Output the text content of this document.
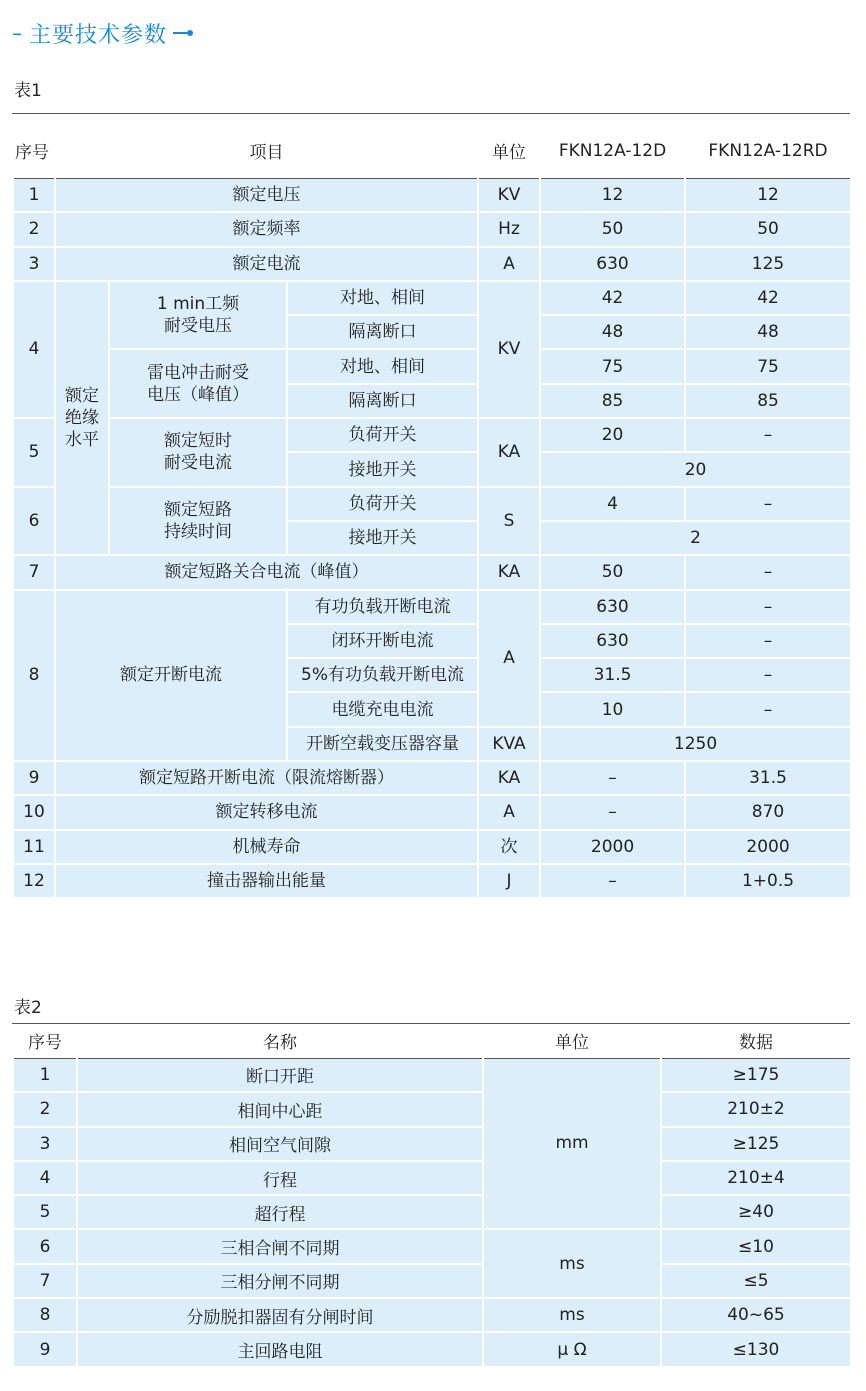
– 主要技术参数
表1
序号	项目			单位	FKN12A-12D	FKN12A-12RD
1	额定电压			KV	12	12
2	额定频率			Hz	50	50
3	额定电流			A	630	125
4	额定
绝缘
水平	1 min工频
耐受电压	对地、相间	KV	42	42
			隔离断口		48	48
		雷电冲击耐受
电压（峰值）	对地、相间		75	75
			隔离断口		85	85
5		额定短时
耐受电流	负荷开关	KA	20	–
			接地开关		20	
6		额定短路
持续时间	负荷开关	S	4	–
			接地开关		2	
7	额定短路关合电流（峰值）			KA	50	–
8	额定开断电流		有功负载开断电流	A	630	–
			闭环开断电流		630	–
			5%有功负载开断电流		31.5	–
			电缆充电电流		10	–
			开断空载变压器容量	KVA	1250	
9	额定短路开断电流（限流熔断器）			KA	–	31.5
10	额定转移电流			A	–	870
11	机械寿命			次	2000	2000
12	撞击器输出能量			J	–	1+0.5
表2
序号	名称	单位	数据
1	断口开距	mm	≥175
2	相间中心距		210±2
3	相间空气间隙		≥125
4	行程		210±4
5	超行程		≥40
6	三相合闸不同期	ms	≤10
7	三相分闸不同期		≤5
8	分励脱扣器固有分闸时间	ms	40~65
9	主回路电阻	μ Ω	≤130
